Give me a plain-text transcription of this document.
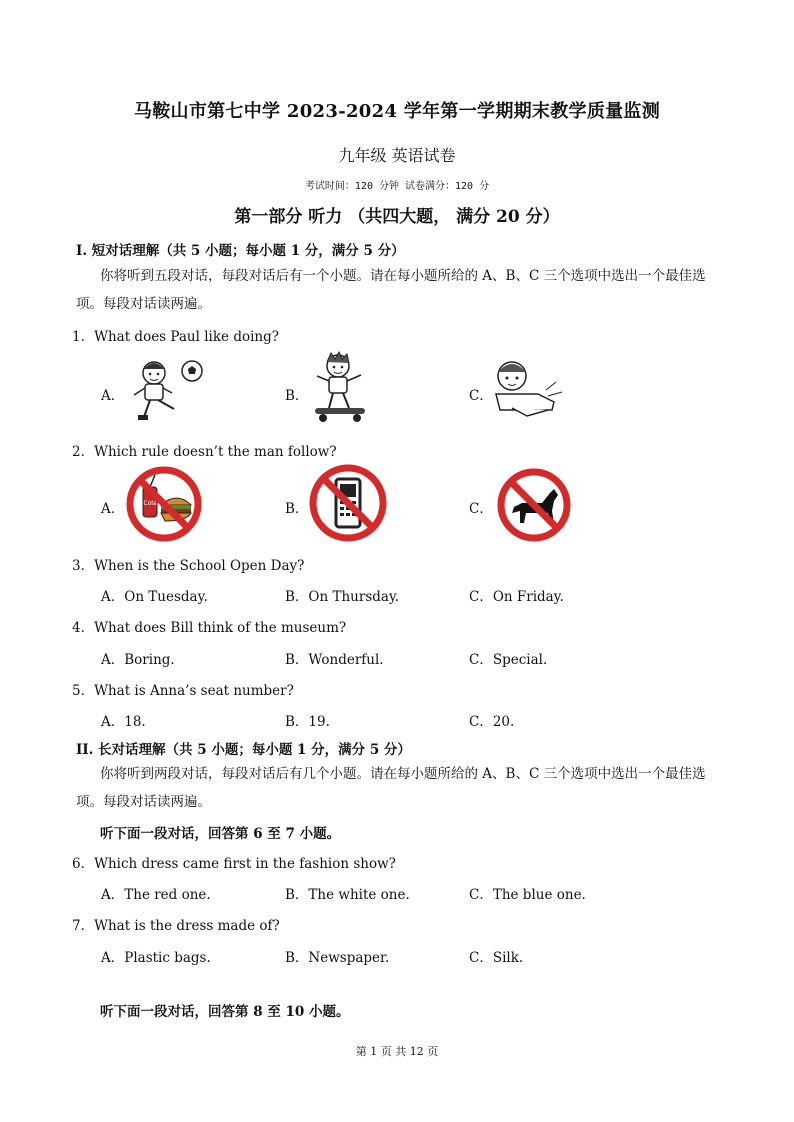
马鞍山市第七中学 2023-2024 学年第一学期期末教学质量监测
九年级 英语试卷
考试时间：120 分钟 试卷满分：120 分
第一部分 听力 （共四大题， 满分 20 分）
Ⅰ. 短对话理解（共 5 小题；每小题 1 分，满分 5 分）
你将听到五段对话，每段对话后有一个小题。请在每小题所给的 A、B、C 三个选项中选出一个最佳选项。每段对话读两遍。
1．What does Paul like doing?
A．	B．	C．
2．Which rule doesn’t the man follow?
A．	B．	C．
Cola
3．When is the School Open Day?
A．On Tuesday.	B．On Thursday.	C．On Friday.
4．What does Bill think of the museum?
A．Boring.	B．Wonderful.	C．Special.
5．What is Anna’s seat number?
A．18.	B．19.	C．20.
II. 长对话理解（共 5 小题；每小题 1 分，满分 5 分）
你将听到两段对话，每段对话后有几个小题。请在每小题所给的 A、B、C 三个选项中选出一个最佳选项。每段对话读两遍。
听下面一段对话，回答第 6 至 7 小题。
6．Which dress came first in the fashion show?
A．The red one.	B．The white one.	C．The blue one.
7．What is the dress made of?
A．Plastic bags.	B．Newspaper.	C．Silk.
听下面一段对话，回答第 8 至 10 小题。
第 1 页 共 12 页
